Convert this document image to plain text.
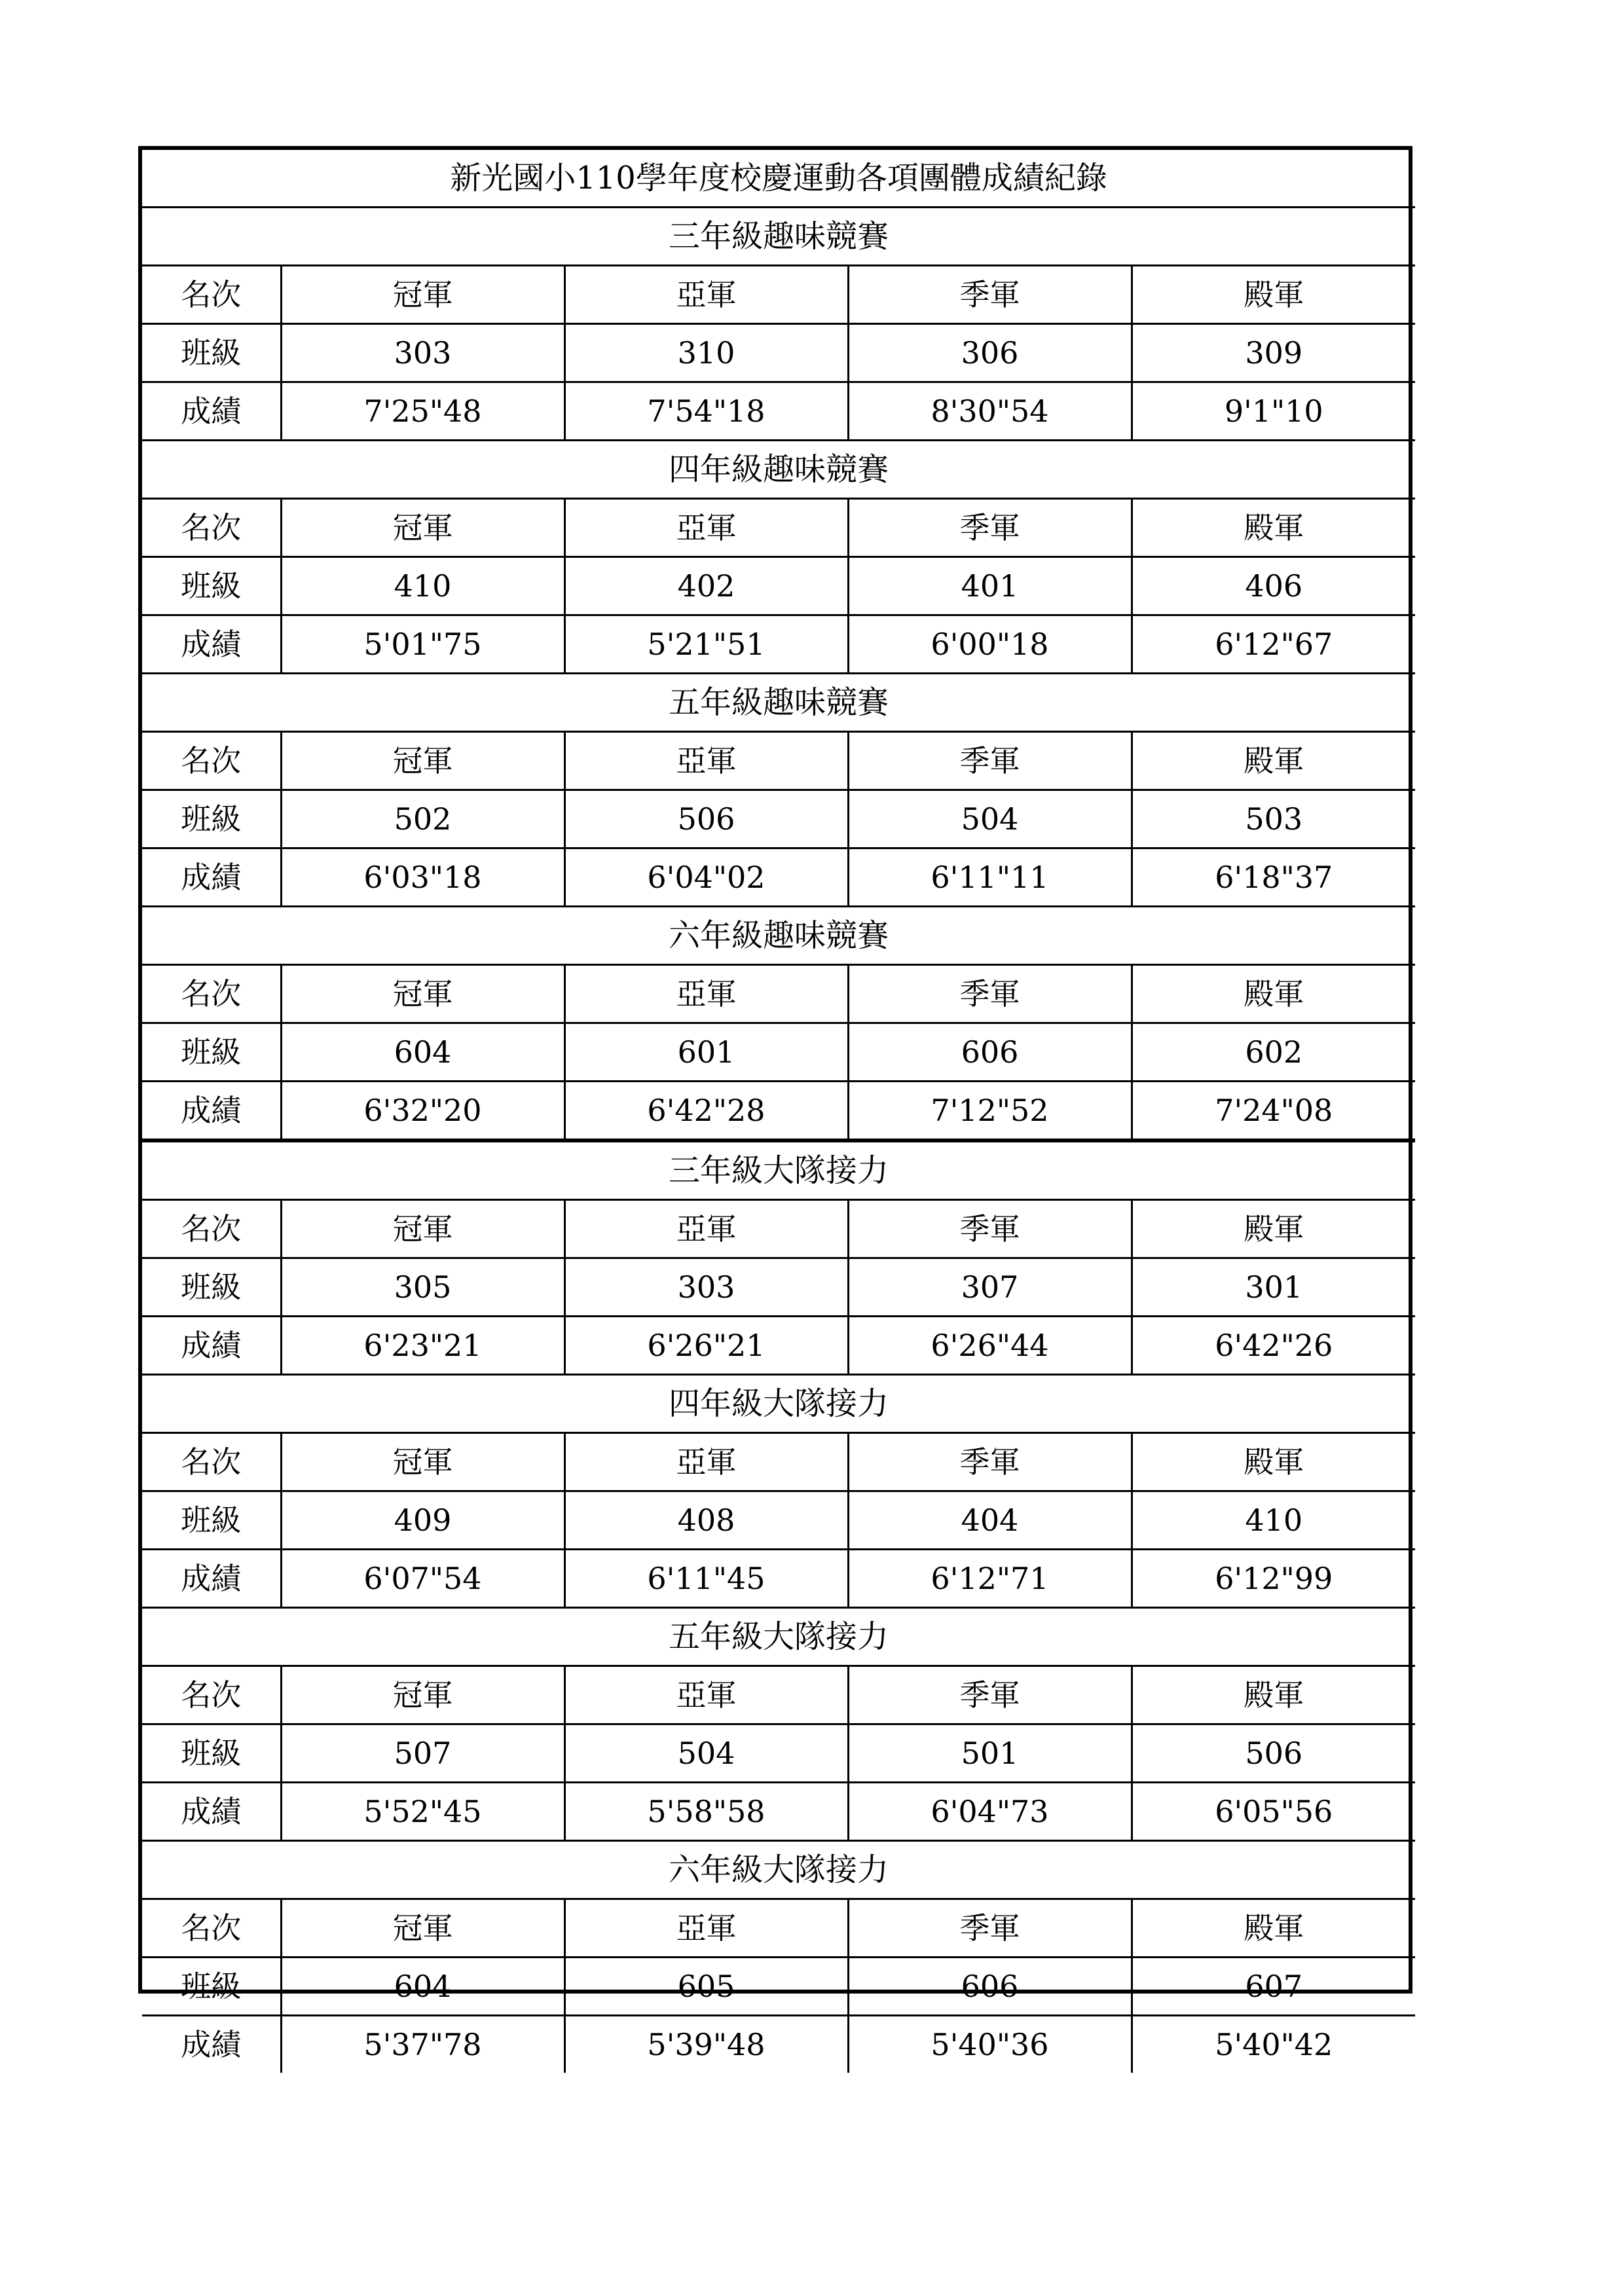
新光國小110學年度校慶運動各項團體成績紀錄				
三年級趣味競賽				
名次	冠軍	亞軍	季軍	殿軍
班級	303	310	306	309
成績	7'25"48	7'54"18	8'30"54	9'1"10
四年級趣味競賽				
名次	冠軍	亞軍	季軍	殿軍
班級	410	402	401	406
成績	5'01"75	5'21"51	6'00"18	6'12"67
五年級趣味競賽				
名次	冠軍	亞軍	季軍	殿軍
班級	502	506	504	503
成績	6'03"18	6'04"02	6'11"11	6'18"37
六年級趣味競賽				
名次	冠軍	亞軍	季軍	殿軍
班級	604	601	606	602
成績	6'32"20	6'42"28	7'12"52	7'24"08
三年級大隊接力				
名次	冠軍	亞軍	季軍	殿軍
班級	305	303	307	301
成績	6'23"21	6'26"21	6'26"44	6'42"26
四年級大隊接力				
名次	冠軍	亞軍	季軍	殿軍
班級	409	408	404	410
成績	6'07"54	6'11"45	6'12"71	6'12"99
五年級大隊接力				
名次	冠軍	亞軍	季軍	殿軍
班級	507	504	501	506
成績	5'52"45	5'58"58	6'04"73	6'05"56
六年級大隊接力				
名次	冠軍	亞軍	季軍	殿軍
班級	604	605	606	607
成績	5'37"78	5'39"48	5'40"36	5'40"42
